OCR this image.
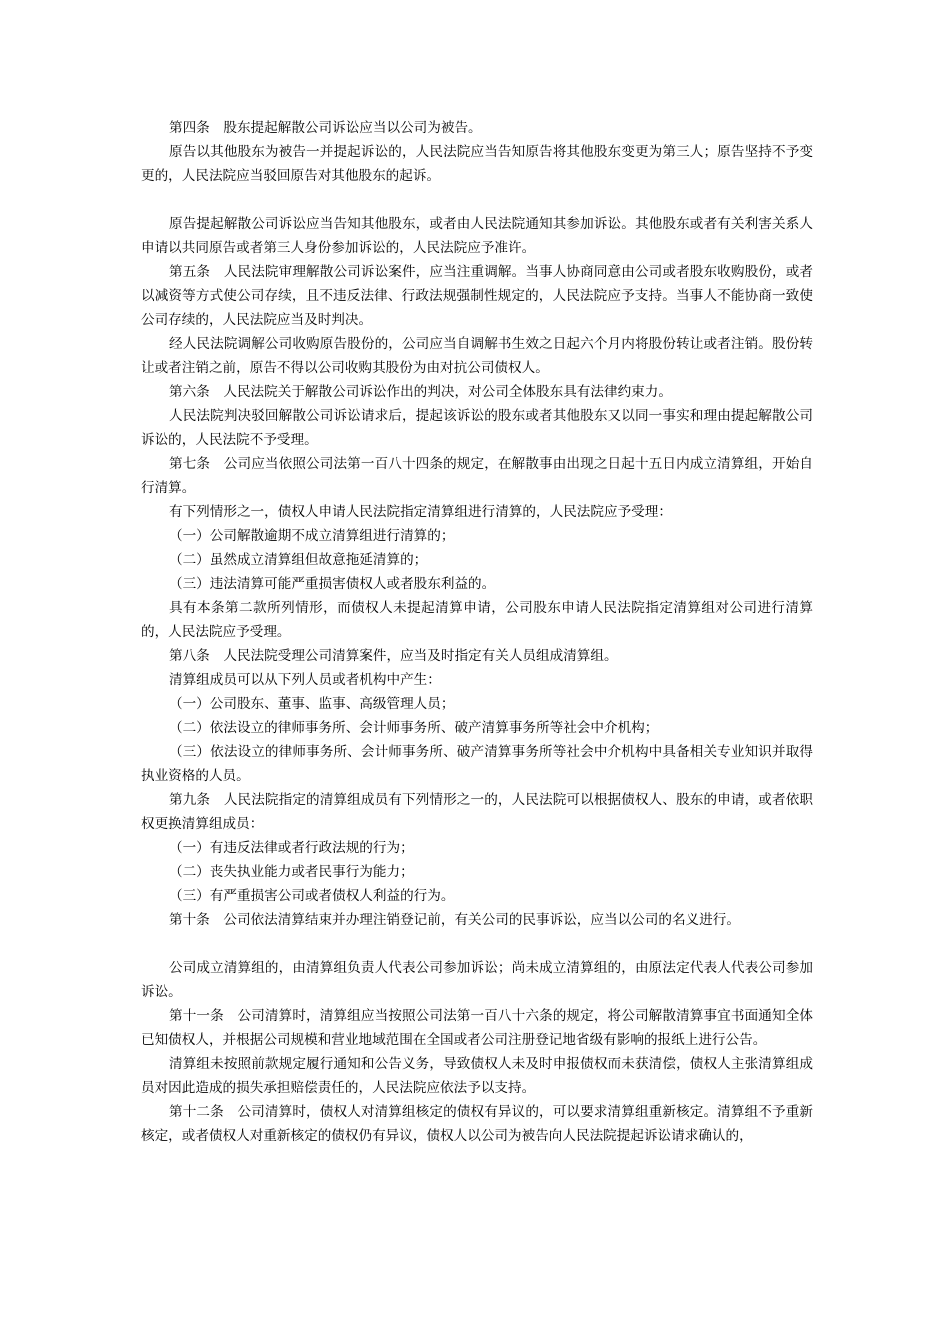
第四条　股东提起解散公司诉讼应当以公司为被告。

原告以其他股东为被告一并提起诉讼的，人民法院应当告知原告将其他股东变更为第三人；原告坚持不予变更的，人民法院应当驳回原告对其他股东的起诉。

原告提起解散公司诉讼应当告知其他股东，或者由人民法院通知其参加诉讼。其他股东或者有关利害关系人申请以共同原告或者第三人身份参加诉讼的，人民法院应予准许。

第五条　人民法院审理解散公司诉讼案件，应当注重调解。当事人协商同意由公司或者股东收购股份，或者以减资等方式使公司存续，且不违反法律、行政法规强制性规定的，人民法院应予支持。当事人不能协商一致使公司存续的，人民法院应当及时判决。

经人民法院调解公司收购原告股份的，公司应当自调解书生效之日起六个月内将股份转让或者注销。股份转让或者注销之前，原告不得以公司收购其股份为由对抗公司债权人。

第六条　人民法院关于解散公司诉讼作出的判决，对公司全体股东具有法律约束力。

人民法院判决驳回解散公司诉讼请求后，提起该诉讼的股东或者其他股东又以同一事实和理由提起解散公司诉讼的，人民法院不予受理。

第七条　公司应当依照公司法第一百八十四条的规定，在解散事由出现之日起十五日内成立清算组，开始自行清算。

有下列情形之一，债权人申请人民法院指定清算组进行清算的，人民法院应予受理：

（一）公司解散逾期不成立清算组进行清算的；

（二）虽然成立清算组但故意拖延清算的；

（三）违法清算可能严重损害债权人或者股东利益的。

具有本条第二款所列情形，而债权人未提起清算申请，公司股东申请人民法院指定清算组对公司进行清算的，人民法院应予受理。

第八条　人民法院受理公司清算案件，应当及时指定有关人员组成清算组。

清算组成员可以从下列人员或者机构中产生：

（一）公司股东、董事、监事、高级管理人员；

（二）依法设立的律师事务所、会计师事务所、破产清算事务所等社会中介机构；

（三）依法设立的律师事务所、会计师事务所、破产清算事务所等社会中介机构中具备相关专业知识并取得执业资格的人员。

第九条　人民法院指定的清算组成员有下列情形之一的，人民法院可以根据债权人、股东的申请，或者依职权更换清算组成员：

（一）有违反法律或者行政法规的行为；

（二）丧失执业能力或者民事行为能力；

（三）有严重损害公司或者债权人利益的行为。

第十条　公司依法清算结束并办理注销登记前，有关公司的民事诉讼，应当以公司的名义进行。

公司成立清算组的，由清算组负责人代表公司参加诉讼；尚未成立清算组的，由原法定代表人代表公司参加诉讼。

第十一条　公司清算时，清算组应当按照公司法第一百八十六条的规定，将公司解散清算事宜书面通知全体已知债权人，并根据公司规模和营业地域范围在全国或者公司注册登记地省级有影响的报纸上进行公告。

清算组未按照前款规定履行通知和公告义务，导致债权人未及时申报债权而未获清偿，债权人主张清算组成员对因此造成的损失承担赔偿责任的，人民法院应依法予以支持。

第十二条　公司清算时，债权人对清算组核定的债权有异议的，可以要求清算组重新核定。清算组不予重新核定，或者债权人对重新核定的债权仍有异议，债权人以公司为被告向人民法院提起诉讼请求确认的，
